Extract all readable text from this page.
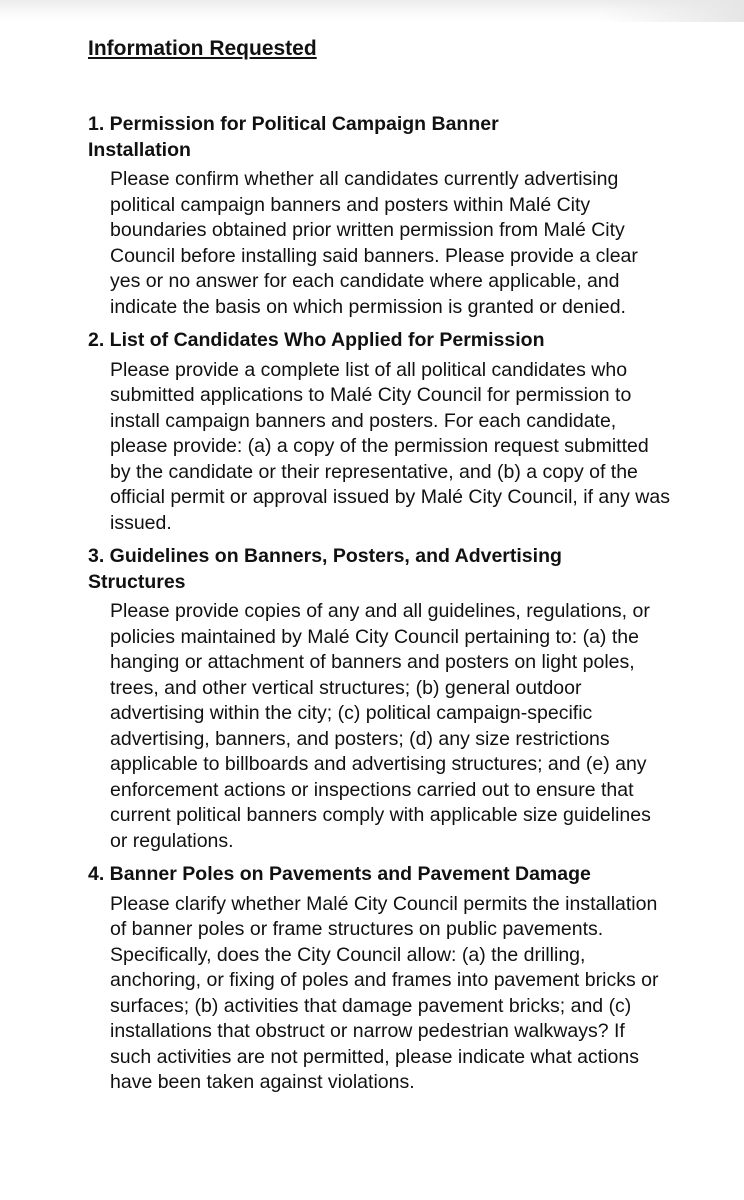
Information Requested

1. Permission for Political Campaign Banner Installation

Please confirm whether all candidates currently advertising political campaign banners and posters within Malé City boundaries obtained prior written permission from Malé City Council before installing said banners. Please provide a clear yes or no answer for each candidate where applicable, and indicate the basis on which permission is granted or denied.

2. List of Candidates Who Applied for Permission

Please provide a complete list of all political candidates who submitted applications to Malé City Council for permission to install campaign banners and posters. For each candidate, please provide: (a) a copy of the permission request submitted by the candidate or their representative, and (b) a copy of the official permit or approval issued by Malé City Council, if any was issued.

3. Guidelines on Banners, Posters, and Advertising Structures

Please provide copies of any and all guidelines, regulations, or policies maintained by Malé City Council pertaining to: (a) the hanging or attachment of banners and posters on light poles, trees, and other vertical structures; (b) general outdoor advertising within the city; (c) political campaign-specific advertising, banners, and posters; (d) any size restrictions applicable to billboards and advertising structures; and (e) any enforcement actions or inspections carried out to ensure that current political banners comply with applicable size guidelines or regulations.

4. Banner Poles on Pavements and Pavement Damage

Please clarify whether Malé City Council permits the installation of banner poles or frame structures on public pavements. Specifically, does the City Council allow: (a) the drilling, anchoring, or fixing of poles and frames into pavement bricks or surfaces; (b) activities that damage pavement bricks; and (c) installations that obstruct or narrow pedestrian walkways? If such activities are not permitted, please indicate what actions have been taken against violations.
